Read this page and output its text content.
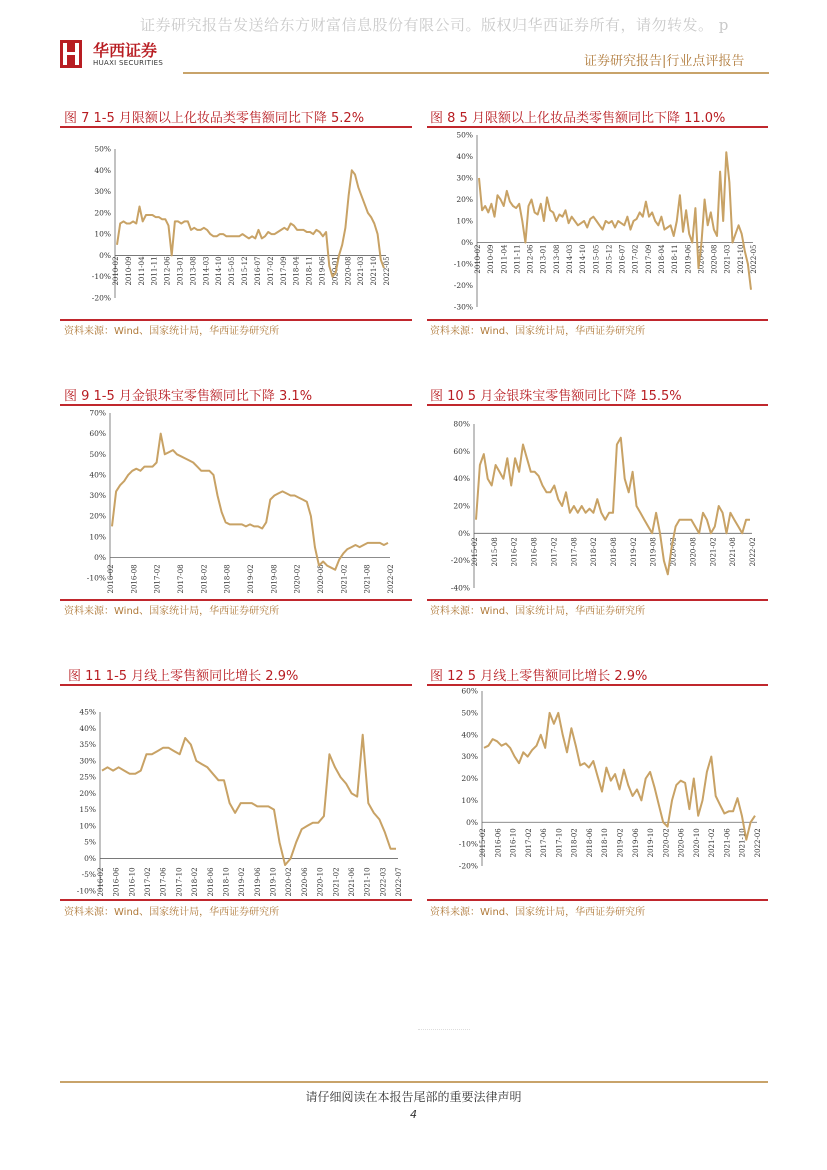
证券研究报告发送给东方财富信息股份有限公司。版权归华西证券所有，请勿转发。 p
华西证券
HUAXI SECURITIES	证券研究报告|行业点评报告
图 7 1-5 月限额以上化妆品类零售额同比下降 5.2%
50%
40%
30%
20%
10%
0%
-10%
-20%
2010-02 2010-09 2011-04 2011-11 2012-06 2013-01 2013-08 2014-03 2014-10 2015-05 2015-12 2016-07 2017-02 2017-09 2018-04 2018-11 2019-06 2020-01 2020-08 2021-03 2021-10 2022-05
资料来源：Wind、国家统计局，华西证券研究所
图 8 5 月限额以上化妆品类零售额同比下降 11.0%
50%
40%
30%
20%
10%
0%
-10%
-20%
-30%
2010-02 2010-09 2011-04 2011-11 2012-06 2013-01 2013-08 2014-03 2014-10 2015-05 2015-12 2016-07 2017-02 2017-09 2018-04 2018-11 2019-06 2020-01 2020-08 2021-03 2021-10 2022-05
资料来源：Wind、国家统计局，华西证券研究所
图 9 1-5 月金银珠宝零售额同比下降 3.1%
70%
60%
50%
40%
30%
20%
10%
0%
-10% 2016-02 2016-08 2017-02 2017-08 2018-02 2018-08 2019-02 2019-08 2020-02 2020-08 2021-02 2021-08 2022-02
资料来源：Wind、国家统计局，华西证券研究所
图 10 5 月金银珠宝零售额同比下降 15.5%
80%
60%
40%
20%
0%
-20%
-40%
2015-02 2015-08 2016-02 2016-08 2017-02 2017-08 2018-02 2018-08 2019-02 2019-08 2020-02 2020-08 2021-02 2021-08 2022-02
资料来源：Wind、国家统计局，华西证券研究所
图 11 1-5 月线上零售额同比增长 2.9%
45%
40%
35%
30%
25%
20%
15%
10%
5%
0%
-5%
-10% 2016-02 2016-06 2016-10 2017-02 2017-06 2017-10 2018-02 2018-06 2018-10 2019-02 2019-06 2019-10 2020-02 2020-06 2020-10 2021-02 2021-06 2021-10 2022-03 2022-07
资料来源：Wind、国家统计局，华西证券研究所
图 12 5 月线上零售额同比增长 2.9%
60%
50%
40%
30%
20%
10%
0%
-10%
-20%
2015-02 2016-06 2016-10 2017-02 2017-06 2017-10 2018-02 2018-06 2018-10 2019-02 2019-06 2019-10 2020-02 2020-06 2020-10 2021-02 2021-06 2021-10 2022-02
资料来源：Wind、国家统计局，华西证券研究所
请仔细阅读在本报告尾部的重要法律声明
4
